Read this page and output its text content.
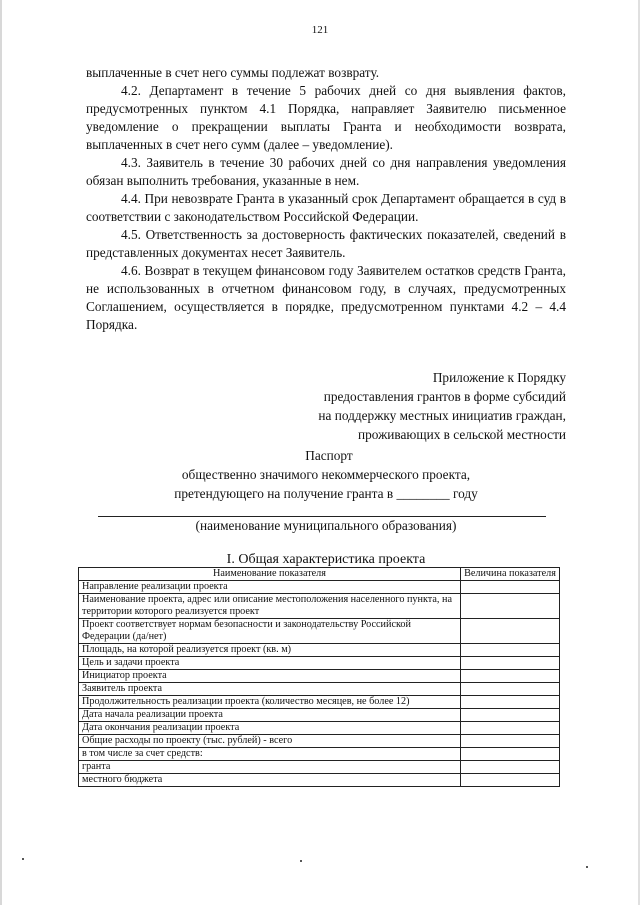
121

выплаченные в счет него суммы подлежат возврату.

4.2. Департамент в течение 5 рабочих дней со дня выявления фактов, предусмотренных пунктом 4.1 Порядка, направляет Заявителю письменное уведомление о прекращении выплаты Гранта и необходимости возврата, выплаченных в счет него сумм (далее – уведомление).

4.3. Заявитель в течение 30 рабочих дней со дня направления уведомления обязан выполнить требования, указанные в нем.

4.4. При невозврате Гранта в указанный срок Департамент обращается в суд в соответствии с законодательством Российской Федерации.

4.5. Ответственность за достоверность фактических показателей, сведений в представленных документах несет Заявитель.

4.6. Возврат в текущем финансовом году Заявителем остатков средств Гранта, не использованных в отчетном финансовом году, в случаях, предусмотренных Соглашением, осуществляется в порядке, предусмотренном пунктами 4.2 – 4.4 Порядка.

Приложение к Порядку
предоставления грантов в форме субсидий
на поддержку местных инициатив граждан,
проживающих в сельской местности
Паспорт
общественно значимого некоммерческого проекта,
претендующего на получение гранта в ________ году
(наименование муниципального образования)
I. Общая характеристика проекта
Наименование показателя	Величина показателя
Направление реализации проекта	
Наименование проекта, адрес или описание местоположения населенного пункта, на территории которого реализуется проект	
Проект соответствует нормам безопасности и законодательству Российской Федерации (да/нет)	
Площадь, на которой реализуется проект (кв. м)	
Цель и задачи проекта	
Инициатор проекта	
Заявитель проекта	
Продолжительность реализации проекта (количество месяцев, не более 12)	
Дата начала реализации проекта	
Дата окончания реализации проекта	
Общие расходы по проекту (тыс. рублей) - всего	
в том числе за счет средств:	
гранта	
местного бюджета	
